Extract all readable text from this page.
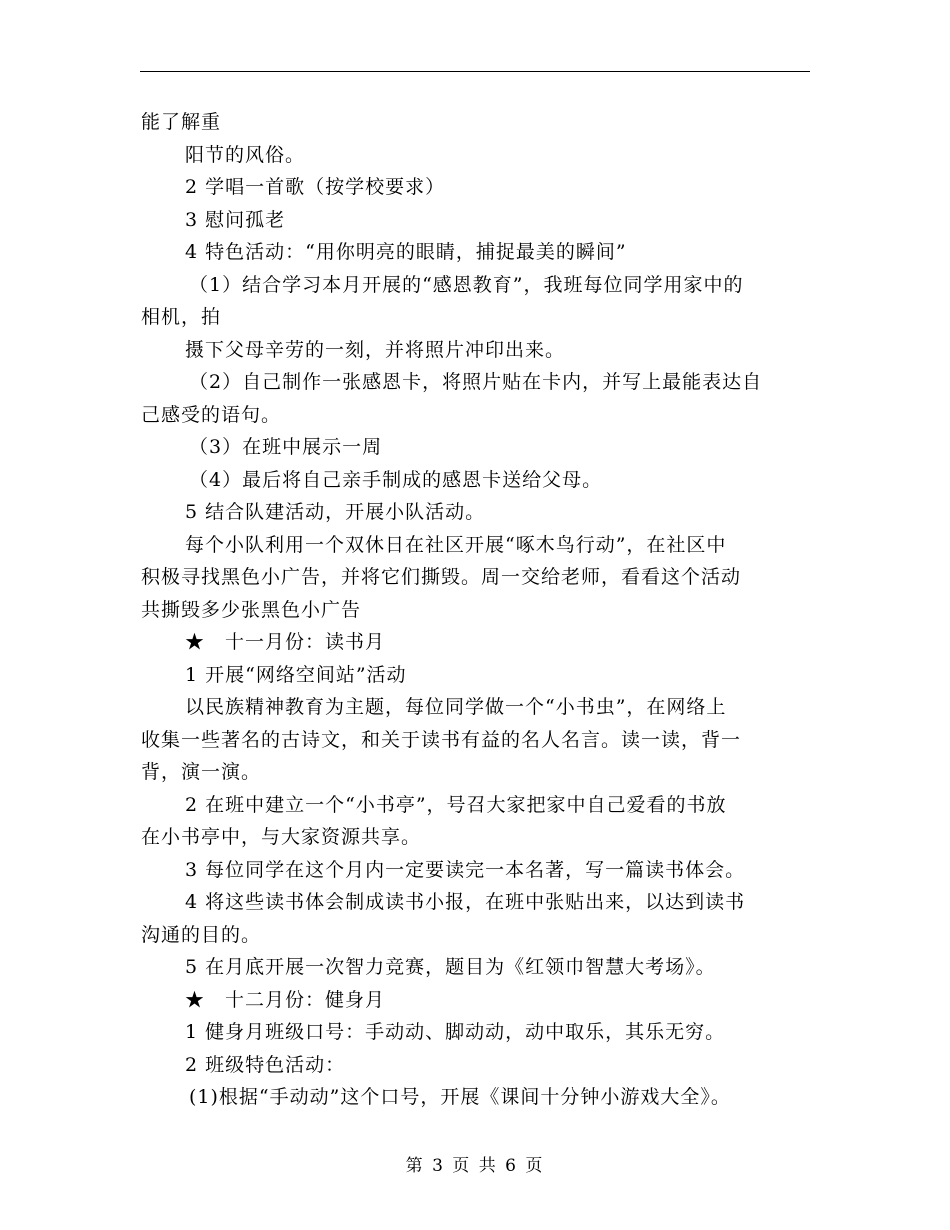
能了解重

阳节的风俗。

2 学唱一首歌（按学校要求）

3 慰问孤老

4 特色活动：“用你明亮的眼睛，捕捉最美的瞬间”

（1）结合学习本月开展的“感恩教育”，我班每位同学用家中的

相机，拍

摄下父母辛劳的一刻，并将照片冲印出来。

（2）自己制作一张感恩卡，将照片贴在卡内，并写上最能表达自

己感受的语句。

（3）在班中展示一周

（4）最后将自己亲手制成的感恩卡送给父母。

5 结合队建活动，开展小队活动。

每个小队利用一个双休日在社区开展“啄木鸟行动”，在社区中

积极寻找黑色小广告，并将它们撕毁。周一交给老师，看看这个活动

共撕毁多少张黑色小广告

★　十一月份：读书月

1 开展“网络空间站”活动

以民族精神教育为主题，每位同学做一个“小书虫”，在网络上

收集一些著名的古诗文，和关于读书有益的名人名言。读一读，背一

背，演一演。

2 在班中建立一个“小书亭”，号召大家把家中自己爱看的书放

在小书亭中，与大家资源共享。

3 每位同学在这个月内一定要读完一本名著，写一篇读书体会。

4 将这些读书体会制成读书小报，在班中张贴出来，以达到读书

沟通的目的。

5 在月底开展一次智力竞赛，题目为《红领巾智慧大考场》。

★　十二月份：健身月

1 健身月班级口号：手动动、脚动动，动中取乐，其乐无穷。

2 班级特色活动：

(1)根据“手动动”这个口号，开展《课间十分钟小游戏大全》。

第 3 页 共 6 页
